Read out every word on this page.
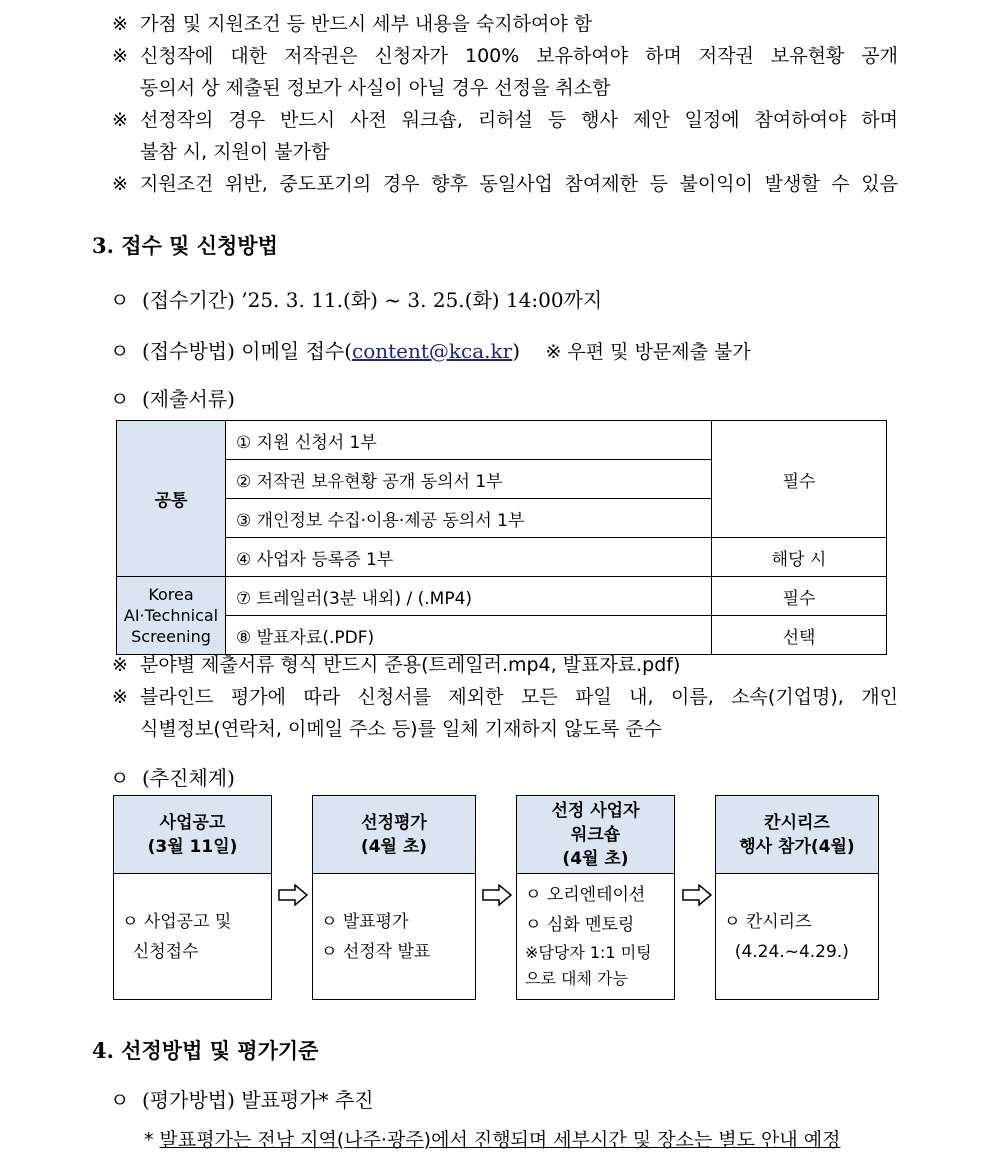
※ 가점 및 지원조건 등 반드시 세부 내용을 숙지하여야 함
※ 신청작에 대한 저작권은 신청자가 100% 보유하여야 하며 저작권 보유현황 공개
동의서 상 제출된 정보가 사실이 아닐 경우 선정을 취소함
※ 선정작의 경우 반드시 사전 워크숍, 리허설 등 행사 제안 일정에 참여하여야 하며
불참 시, 지원이 불가함
※ 지원조건 위반, 중도포기의 경우 향후 동일사업 참여제한 등 불이익이 발생할 수 있음
3. 접수 및 신청방법
ㅇ (접수기간) ’25. 3. 11.(화) ~ 3. 25.(화) 14:00까지
ㅇ (접수방법) 이메일 접수(content@kca.kr) ※ 우편 및 방문제출 불가
ㅇ (제출서류)
공통	① 지원 신청서 1부	필수
	② 저작권 보유현황 공개 동의서 1부	
	③ 개인정보 수집·이용·제공 동의서 1부	
	④ 사업자 등록증 1부	해당 시

Korea
AI·Technical
Screening	⑦ 트레일러(3분 내외) / (.MP4)	필수
	⑧ 발표자료(.PDF)	선택
※ 분야별 제출서류 형식 반드시 준용(트레일러.mp4, 발표자료.pdf)
※ 블라인드 평가에 따라 신청서를 제외한 모든 파일 내, 이름, 소속(기업명), 개인
식별정보(연락처, 이메일 주소 등)를 일체 기재하지 않도록 준수
ㅇ (추진체계)
사업공고
(3월 11일)
ㅇ 사업공고 및
신청접수
선정평가
(4월 초)
ㅇ 발표평가
ㅇ 선정작 발표
선정 사업자
워크숍
(4월 초)
ㅇ 오리엔테이션
ㅇ 심화 멘토링
※담당자 1:1 미팅
으로 대체 가능
칸시리즈
행사 참가(4월)
ㅇ 칸시리즈
(4.24.~4.29.)
4. 선정방법 및 평가기준
ㅇ (평가방법) 발표평가* 추진
* 발표평가는 전남 지역(나주·광주)에서 진행되며 세부시간 및 장소는 별도 안내 예정
